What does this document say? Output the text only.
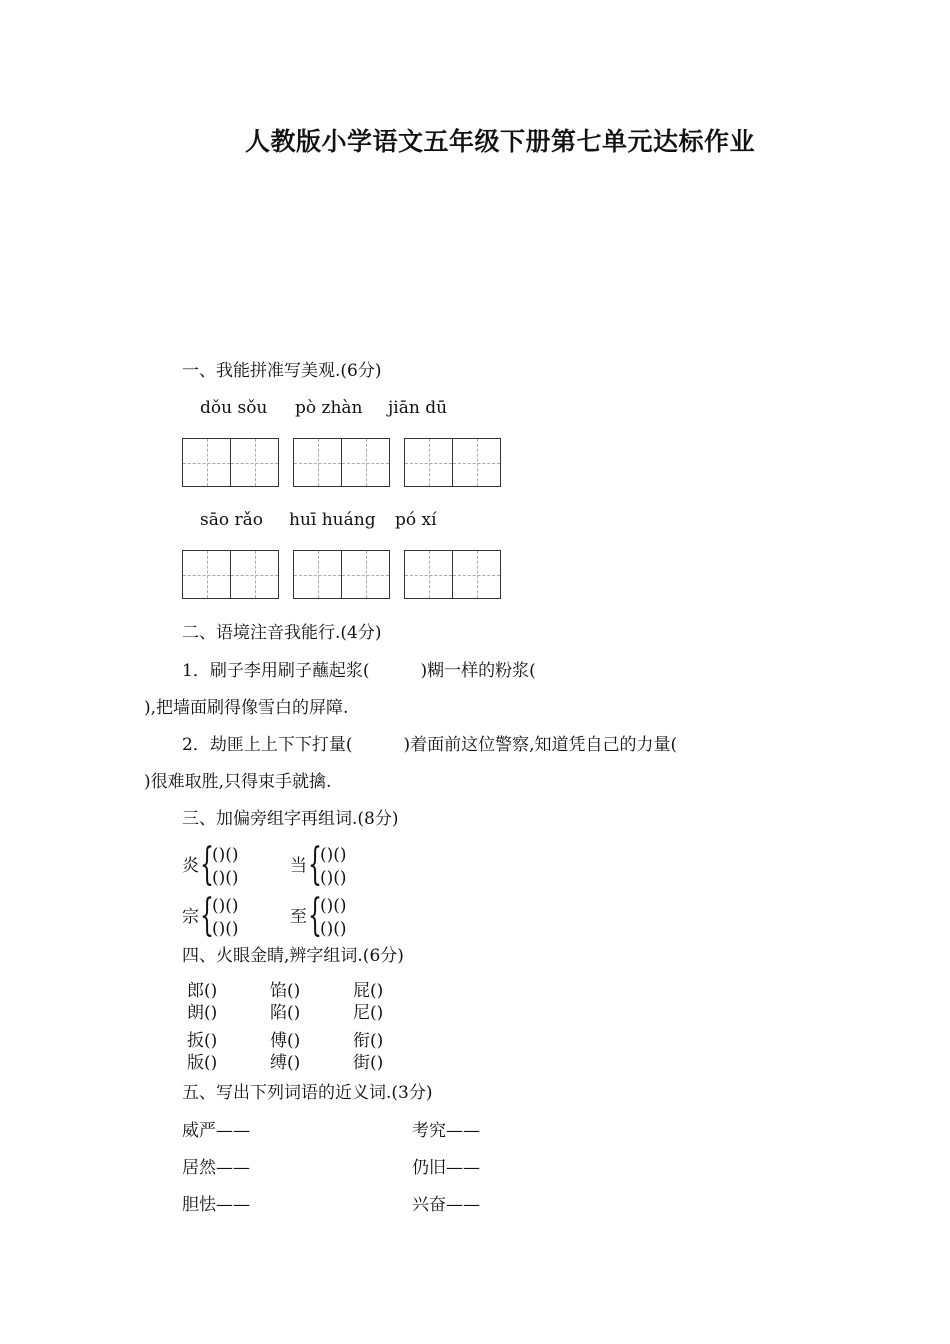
人教版小学语文五年级下册第七单元达标作业
一、我能拼准写美观.(6分)
dǒu sǒu pò zhàn jiān dū
sāo rǎo huī huáng pó xí
二、语境注音我能行.(4分)
1．刷子李用刷子蘸起浆(　　　)糊一样的粉浆(
),把墙面刷得像雪白的屏障.
2．劫匪上上下下打量(　　　)着面前这位警察,知道凭自己的力量(
)很难取胜,只得束手就擒.
三、加偏旁组字再组词.(8分)
炎 {
()()
()()
当 {
()()
()()
宗 {
()()
()()
至 {
()()
()()
四、火眼金睛,辨字组词.(6分)
郎()	馅()	屁()
朗()	陷()	尼()
扳()	傅()	衔()
版()	缚()	街()
五、写出下列词语的近义词.(3分)
威严——	考究——
居然——	仍旧——
胆怯——	兴奋——
